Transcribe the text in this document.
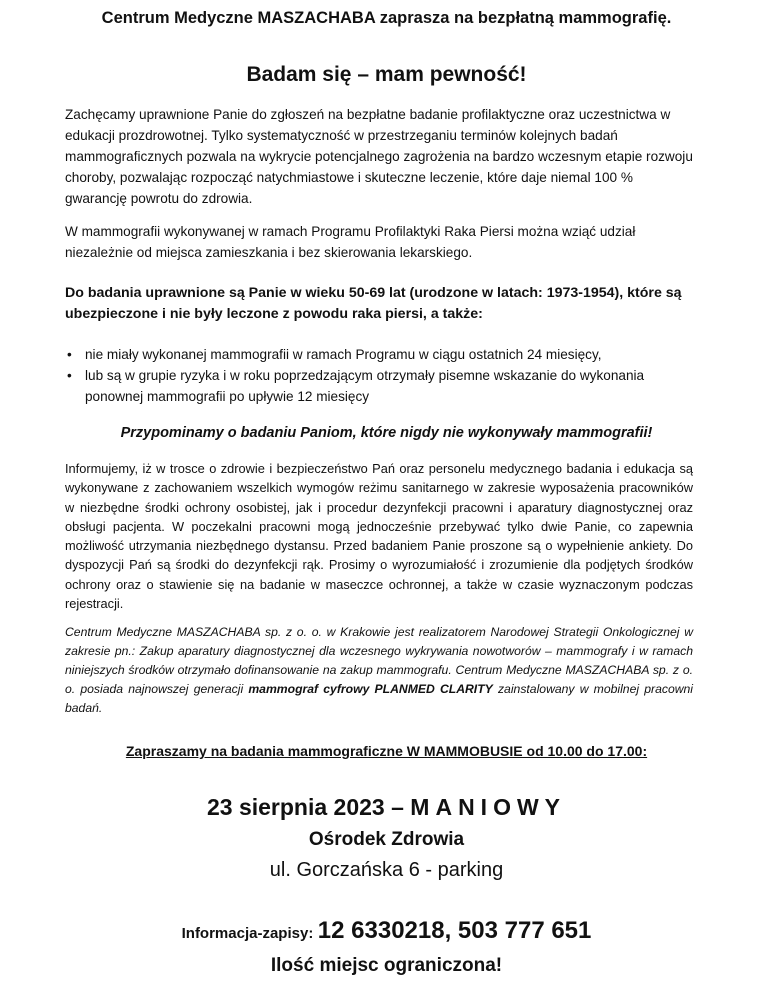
Centrum Medyczne MASZACHABA zaprasza na bezpłatną mammografię.
Badam się – mam pewność!
Zachęcamy uprawnione Panie do zgłoszeń na bezpłatne badanie profilaktyczne oraz uczestnictwa w edukacji prozdrowotnej. Tylko systematyczność w przestrzeganiu terminów kolejnych badań mammograficznych pozwala na wykrycie potencjalnego zagrożenia na bardzo wczesnym etapie rozwoju choroby, pozwalając rozpocząć natychmiastowe i skuteczne leczenie, które daje niemal 100 % gwarancję powrotu do zdrowia.
W mammografii wykonywanej w ramach Programu Profilaktyki Raka Piersi można wziąć udział niezależnie od miejsca zamieszkania i bez skierowania lekarskiego.
Do badania uprawnione są Panie w wieku 50-69 lat (urodzone w latach: 1973-1954), które są ubezpieczone i nie były leczone z powodu raka piersi, a także:
• nie miały wykonanej mammografii w ramach Programu w ciągu ostatnich 24 miesięcy,
• lub są w grupie ryzyka i w roku poprzedzającym otrzymały pisemne wskazanie do wykonania ponownej mammografii po upływie 12 miesięcy
Przypominamy o badaniu Paniom, które nigdy nie wykonywały mammografii!
Informujemy, iż w trosce o zdrowie i bezpieczeństwo Pań oraz personelu medycznego badania i edukacja są wykonywane z zachowaniem wszelkich wymogów reżimu sanitarnego w zakresie wyposażenia pracowników w niezbędne środki ochrony osobistej, jak i procedur dezynfekcji pracowni i aparatury diagnostycznej oraz obsługi pacjenta. W poczekalni pracowni mogą jednocześnie przebywać tylko dwie Panie, co zapewnia możliwość utrzymania niezbędnego dystansu. Przed badaniem Panie proszone są o wypełnienie ankiety. Do dyspozycji Pań są środki do dezynfekcji rąk. Prosimy o wyrozumiałość i zrozumienie dla podjętych środków ochrony oraz o stawienie się na badanie w maseczce ochronnej, a także w czasie wyznaczonym podczas rejestracji.
Centrum Medyczne MASZACHABA sp. z o. o. w Krakowie jest realizatorem Narodowej Strategii Onkologicznej w zakresie pn.: Zakup aparatury diagnostycznej dla wczesnego wykrywania nowotworów – mammografy i w ramach niniejszych środków otrzymało dofinansowanie na zakup mammografu. Centrum Medyczne MASZACHABA sp. z o. o. posiada najnowszej generacji mammograf cyfrowy PLANMED CLARITY zainstalowany w mobilnej pracowni badań.
Zapraszamy na badania mammograficzne W MAMMOBUSIE od 10.00 do 17.00:
23 sierpnia 2023 – MANIOWY
Ośrodek Zdrowia
ul. Gorczańska 6 - parking
Informacja-zapisy: 12 6330218, 503 777 651
Ilość miejsc ograniczona!
